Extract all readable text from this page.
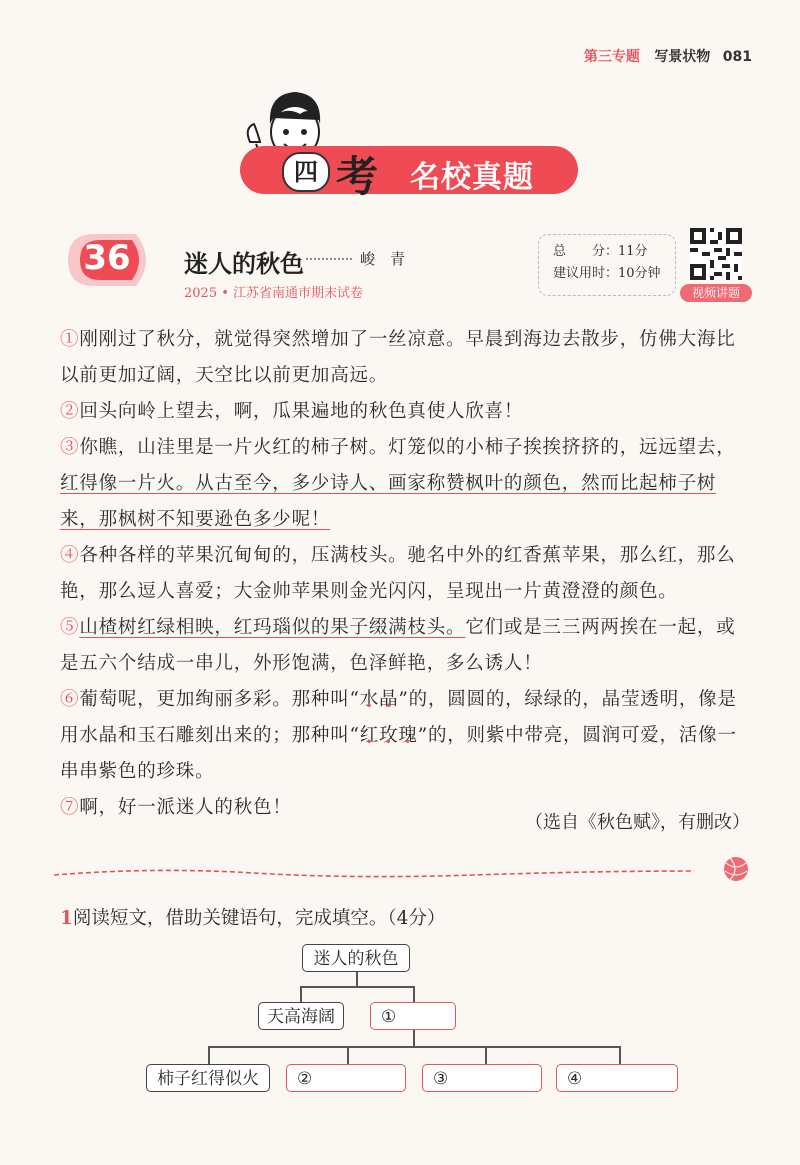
第三专题 写景状物 081
四 考 名校真题
36	迷人的秋色	峻　青
2025 • 江苏省南通市期末试卷
总　　分：11分
建议用时：10分钟
视频讲题
①刚刚过了秋分，就觉得突然增加了一丝凉意。早晨到海边去散步，仿佛大海比以前更加辽阔，天空比以前更加高远。
②回头向岭上望去，啊，瓜果遍地的秋色真使人欣喜！
③你瞧，山洼里是一片火红的柿子树。灯笼似的小柿子挨挨挤挤的，远远望去，红得像一片火。从古至今，多少诗人、画家称赞枫叶的颜色，然而比起柿子树来，那枫树不知要逊色多少呢！
④各种各样的苹果沉甸甸的，压满枝头。驰名中外的红香蕉苹果，那么红，那么艳，那么逗人喜爱；大金帅苹果则金光闪闪，呈现出一片黄澄澄的颜色。
⑤山楂树红绿相映，红玛瑙似的果子缀满枝头。它们或是三三两两挨在一起，或是五六个结成一串儿，外形饱满，色泽鲜艳，多么诱人！
⑥葡萄呢，更加绚丽多彩。那种叫“水晶”的，圆圆的，绿绿的，晶莹透明，像是用水晶和玉石雕刻出来的；那种叫“红玫瑰”的，则紫中带亮，圆润可爱，活像一串串紫色的珍珠。
⑦啊，好一派迷人的秋色！
（选自《秋色赋》，有删改）
1阅读短文，借助关键语句，完成填空。（4分）
迷人的秋色
天高海阔	①
柿子红得似火	②	③	④
